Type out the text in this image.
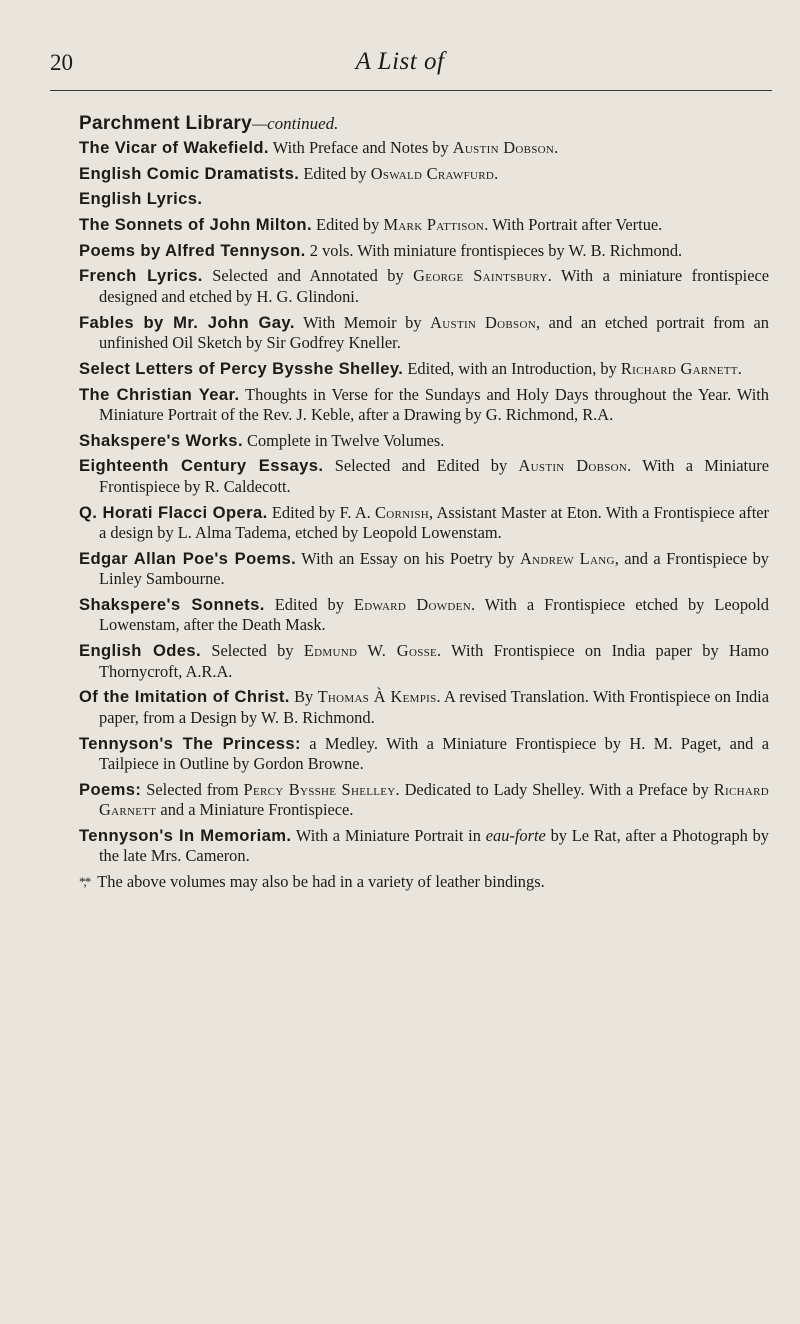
20	A List of
Parchment Library—continued.
The Vicar of Wakefield. With Preface and Notes by Austin Dobson.
English Comic Dramatists. Edited by Oswald Crawfurd.
English Lyrics.
The Sonnets of John Milton. Edited by Mark Pattison. With Portrait after Vertue.
Poems by Alfred Tennyson. 2 vols. With miniature frontispieces by W. B. Richmond.
French Lyrics. Selected and Annotated by George Saintsbury. With a miniature frontispiece designed and etched by H. G. Glindoni.
Fables by Mr. John Gay. With Memoir by Austin Dobson, and an etched portrait from an unfinished Oil Sketch by Sir Godfrey Kneller.
Select Letters of Percy Bysshe Shelley. Edited, with an Introduction, by Richard Garnett.
The Christian Year. Thoughts in Verse for the Sundays and Holy Days throughout the Year. With Miniature Portrait of the Rev. J. Keble, after a Drawing by G. Richmond, R.A.
Shakspere's Works. Complete in Twelve Volumes.
Eighteenth Century Essays. Selected and Edited by Austin Dobson. With a Miniature Frontispiece by R. Caldecott.
Q. Horati Flacci Opera. Edited by F. A. Cornish, Assistant Master at Eton. With a Frontispiece after a design by L. Alma Tadema, etched by Leopold Lowenstam.
Edgar Allan Poe's Poems. With an Essay on his Poetry by Andrew Lang, and a Frontispiece by Linley Sambourne.
Shakspere's Sonnets. Edited by Edward Dowden. With a Frontispiece etched by Leopold Lowenstam, after the Death Mask.
English Odes. Selected by Edmund W. Gosse. With Frontispiece on India paper by Hamo Thornycroft, A.R.A.
Of the Imitation of Christ. By Thomas À Kempis. A revised Translation. With Frontispiece on India paper, from a Design by W. B. Richmond.
Tennyson's The Princess: a Medley. With a Miniature Frontispiece by H. M. Paget, and a Tailpiece in Outline by Gordon Browne.
Poems: Selected from Percy Bysshe Shelley. Dedicated to Lady Shelley. With a Preface by Richard Garnett and a Miniature Frontispiece.
Tennyson's In Memoriam. With a Miniature Portrait in eau-forte by Le Rat, after a Photograph by the late Mrs. Cameron.
*,* The above volumes may also be had in a variety of leather bindings.
